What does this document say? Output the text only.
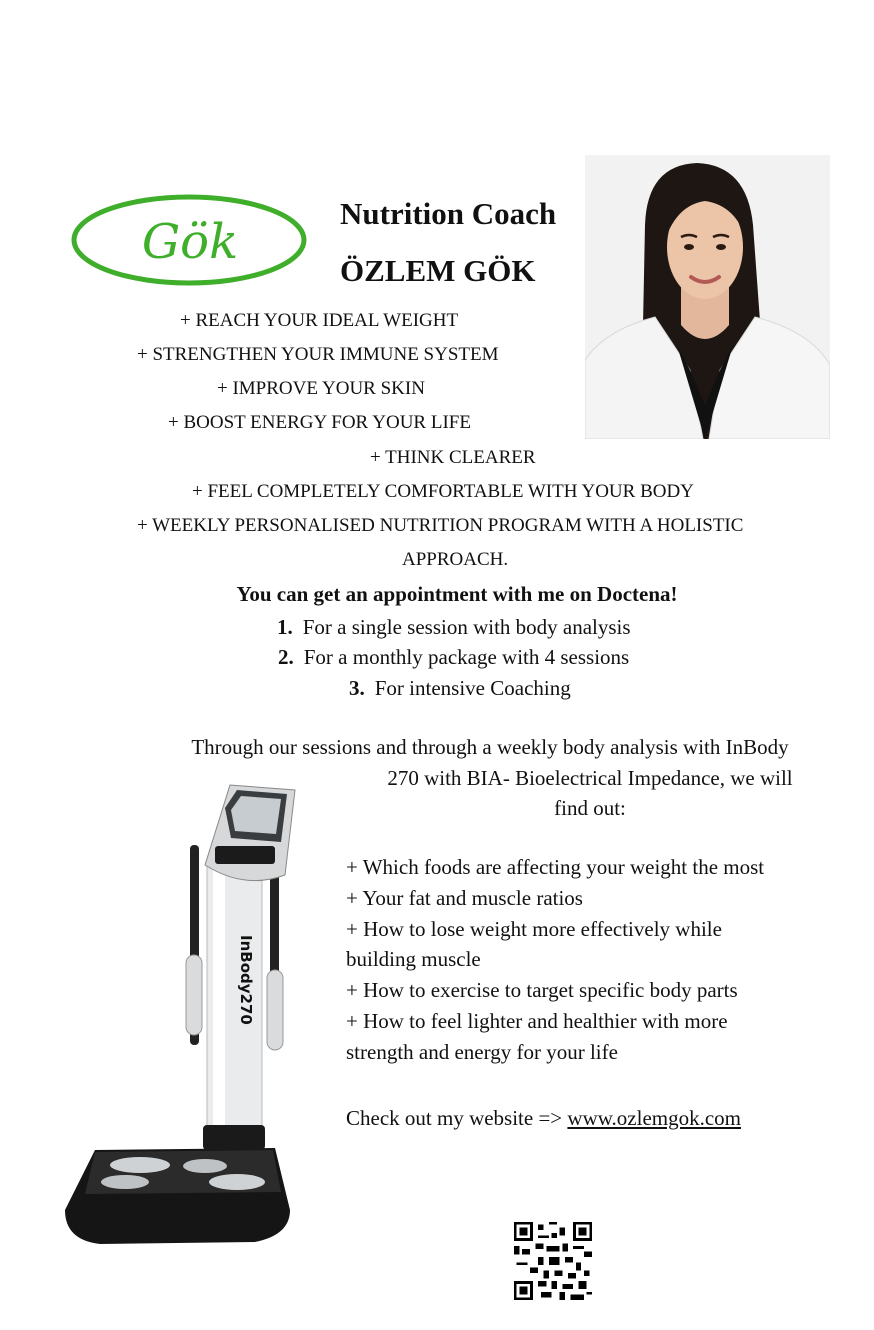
Gök
Nutrition Coach
ÖZLEM GÖK
+ REACH YOUR IDEAL WEIGHT
+ STRENGTHEN YOUR IMMUNE SYSTEM
+ IMPROVE YOUR SKIN
+ BOOST ENERGY FOR YOUR LIFE
+ THINK CLEARER
+ FEEL COMPLETELY COMFORTABLE WITH YOUR BODY
+ WEEKLY PERSONALISED NUTRITION PROGRAM WITH A HOLISTIC
APPROACH.
You can get an appointment with me on Doctena!
1. For a single session with body analysis
2. For a monthly package with 4 sessions
3. For intensive Coaching
Through our sessions and through a weekly body analysis with InBody
270 with BIA- Bioelectrical Impedance, we will
find out:
InBody270
+ Which foods are affecting your weight the most
+ Your fat and muscle ratios
+ How to lose weight more effectively while
building muscle
+ How to exercise to target specific body parts
+ How to feel lighter and healthier with more
strength and energy for your life
Check out my website => www.ozlemgok.com
